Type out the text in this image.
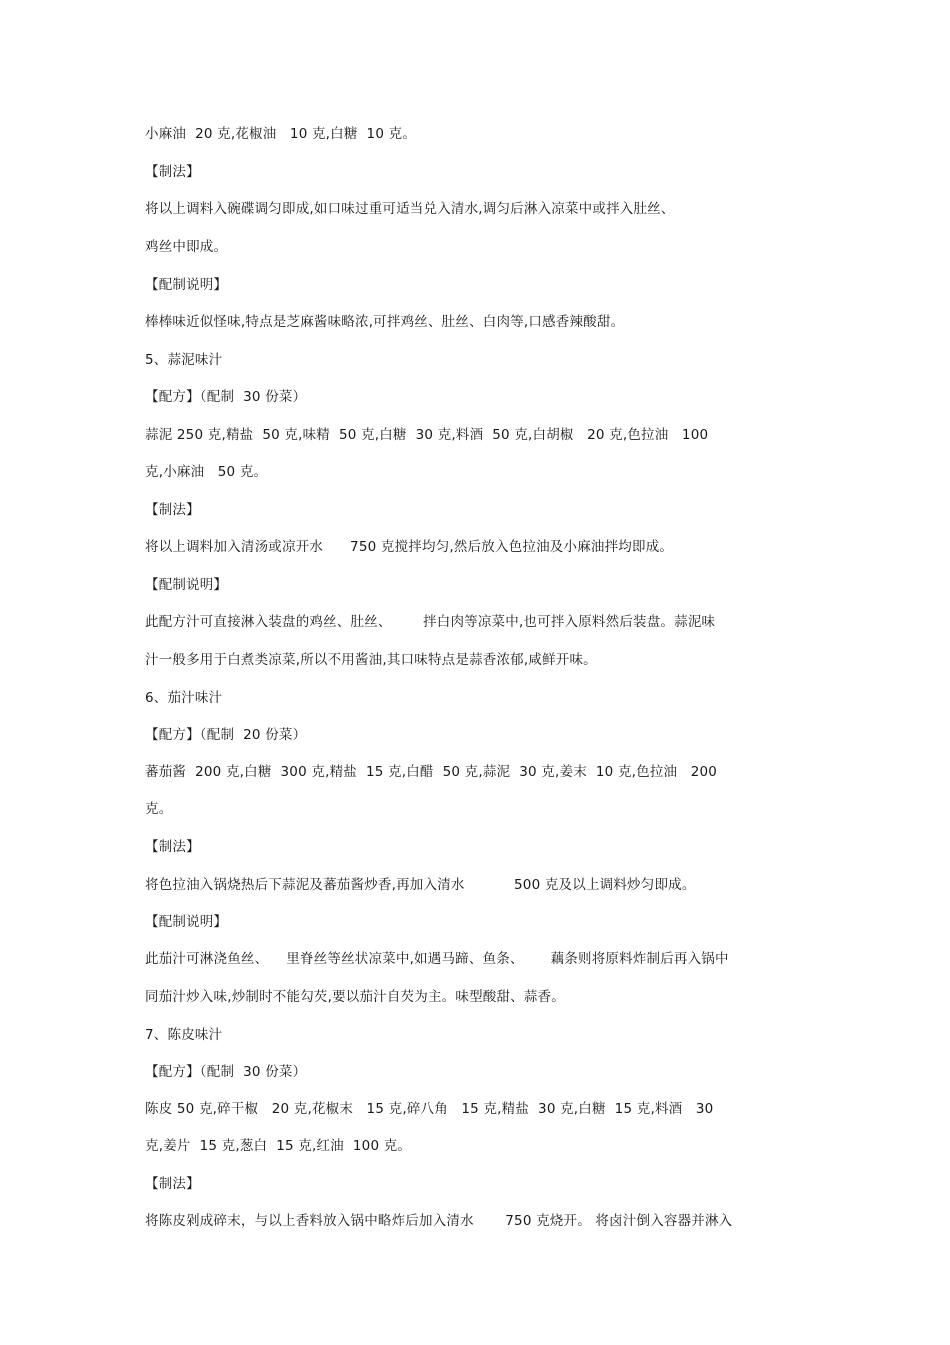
小麻油  20 克,花椒油   10 克,白糖  10 克。
【制法】
将以上调料入碗碟调匀即成,如口味过重可适当兑入清水,调匀后淋入凉菜中或拌入肚丝、
鸡丝中即成。
【配制说明】
棒棒味近似怪味,特点是芝麻酱味略浓,可拌鸡丝、肚丝、白肉等,口感香辣酸甜。
5、蒜泥味汁
【配方】（配制  30 份菜）
蒜泥 250 克,精盐  50 克,味精  50 克,白糖  30 克,料酒  50 克,白胡椒   20 克,色拉油   100
克,小麻油   50 克。
【制法】
将以上调料加入清汤或凉开水      750 克搅拌均匀,然后放入色拉油及小麻油拌均即成。
【配制说明】
此配方汁可直接淋入装盘的鸡丝、肚丝、       拌白肉等凉菜中,也可拌入原料然后装盘。蒜泥味
汁一般多用于白煮类凉菜,所以不用酱油,其口味特点是蒜香浓郁,咸鲜开味。
6、茄汁味汁
【配方】（配制  20 份菜）
蕃茄酱  200 克,白糖  300 克,精盐  15 克,白醋  50 克,蒜泥  30 克,姜末  10 克,色拉油   200
克。
【制法】
将色拉油入锅烧热后下蒜泥及蕃茄酱炒香,再加入清水           500 克及以上调料炒匀即成。
【配制说明】
此茄汁可淋浇鱼丝、    里脊丝等丝状凉菜中,如遇马蹄、鱼条、      藕条则将原料炸制后再入锅中
同茄汁炒入味,炒制时不能勾芡,要以茄汁自芡为主。味型酸甜、蒜香。
7、陈皮味汁
【配方】（配制  30 份菜）
陈皮 50 克,碎干椒   20 克,花椒末   15 克,碎八角   15 克,精盐  30 克,白糖  15 克,料酒   30
克,姜片  15 克,葱白  15 克,红油  100 克。
【制法】
将陈皮剁成碎末，与以上香料放入锅中略炸后加入清水       750 克烧开。 将卤汁倒入容器并淋入
